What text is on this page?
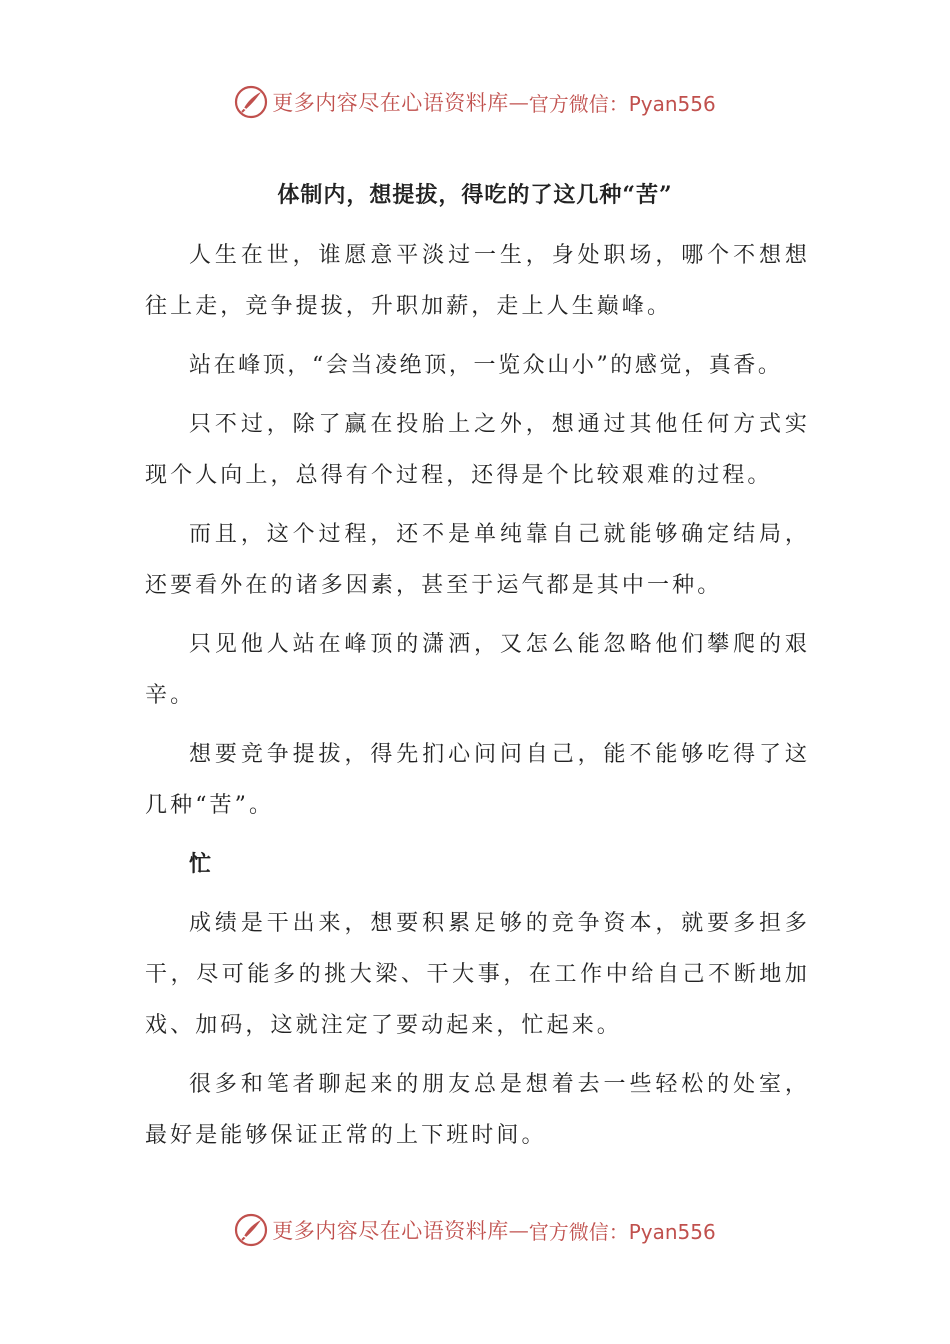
更多内容尽在心语资料库 — 官方微信：Pyan556
体制内，想提拔，得吃的了这几种“苦”

人生在世，谁愿意平淡过一生，身处职场，哪个不想想往上走，竞争提拔，升职加薪，走上人生巅峰。

站在峰顶，“会当凌绝顶，一览众山小”的感觉，真香。

只不过，除了赢在投胎上之外，想通过其他任何方式实现个人向上，总得有个过程，还得是个比较艰难的过程。

而且，这个过程，还不是单纯靠自己就能够确定结局，还要看外在的诸多因素，甚至于运气都是其中一种。

只见他人站在峰顶的潇洒，又怎么能忽略他们攀爬的艰辛。

想要竞争提拔，得先扪心问问自己，能不能够吃得了这几种“苦”。

忙

成绩是干出来，想要积累足够的竞争资本，就要多担多干，尽可能多的挑大梁、干大事，在工作中给自己不断地加戏、加码，这就注定了要动起来，忙起来。

很多和笔者聊起来的朋友总是想着去一些轻松的处室，最好是能够保证正常的上下班时间。

更多内容尽在心语资料库 — 官方微信：Pyan556
